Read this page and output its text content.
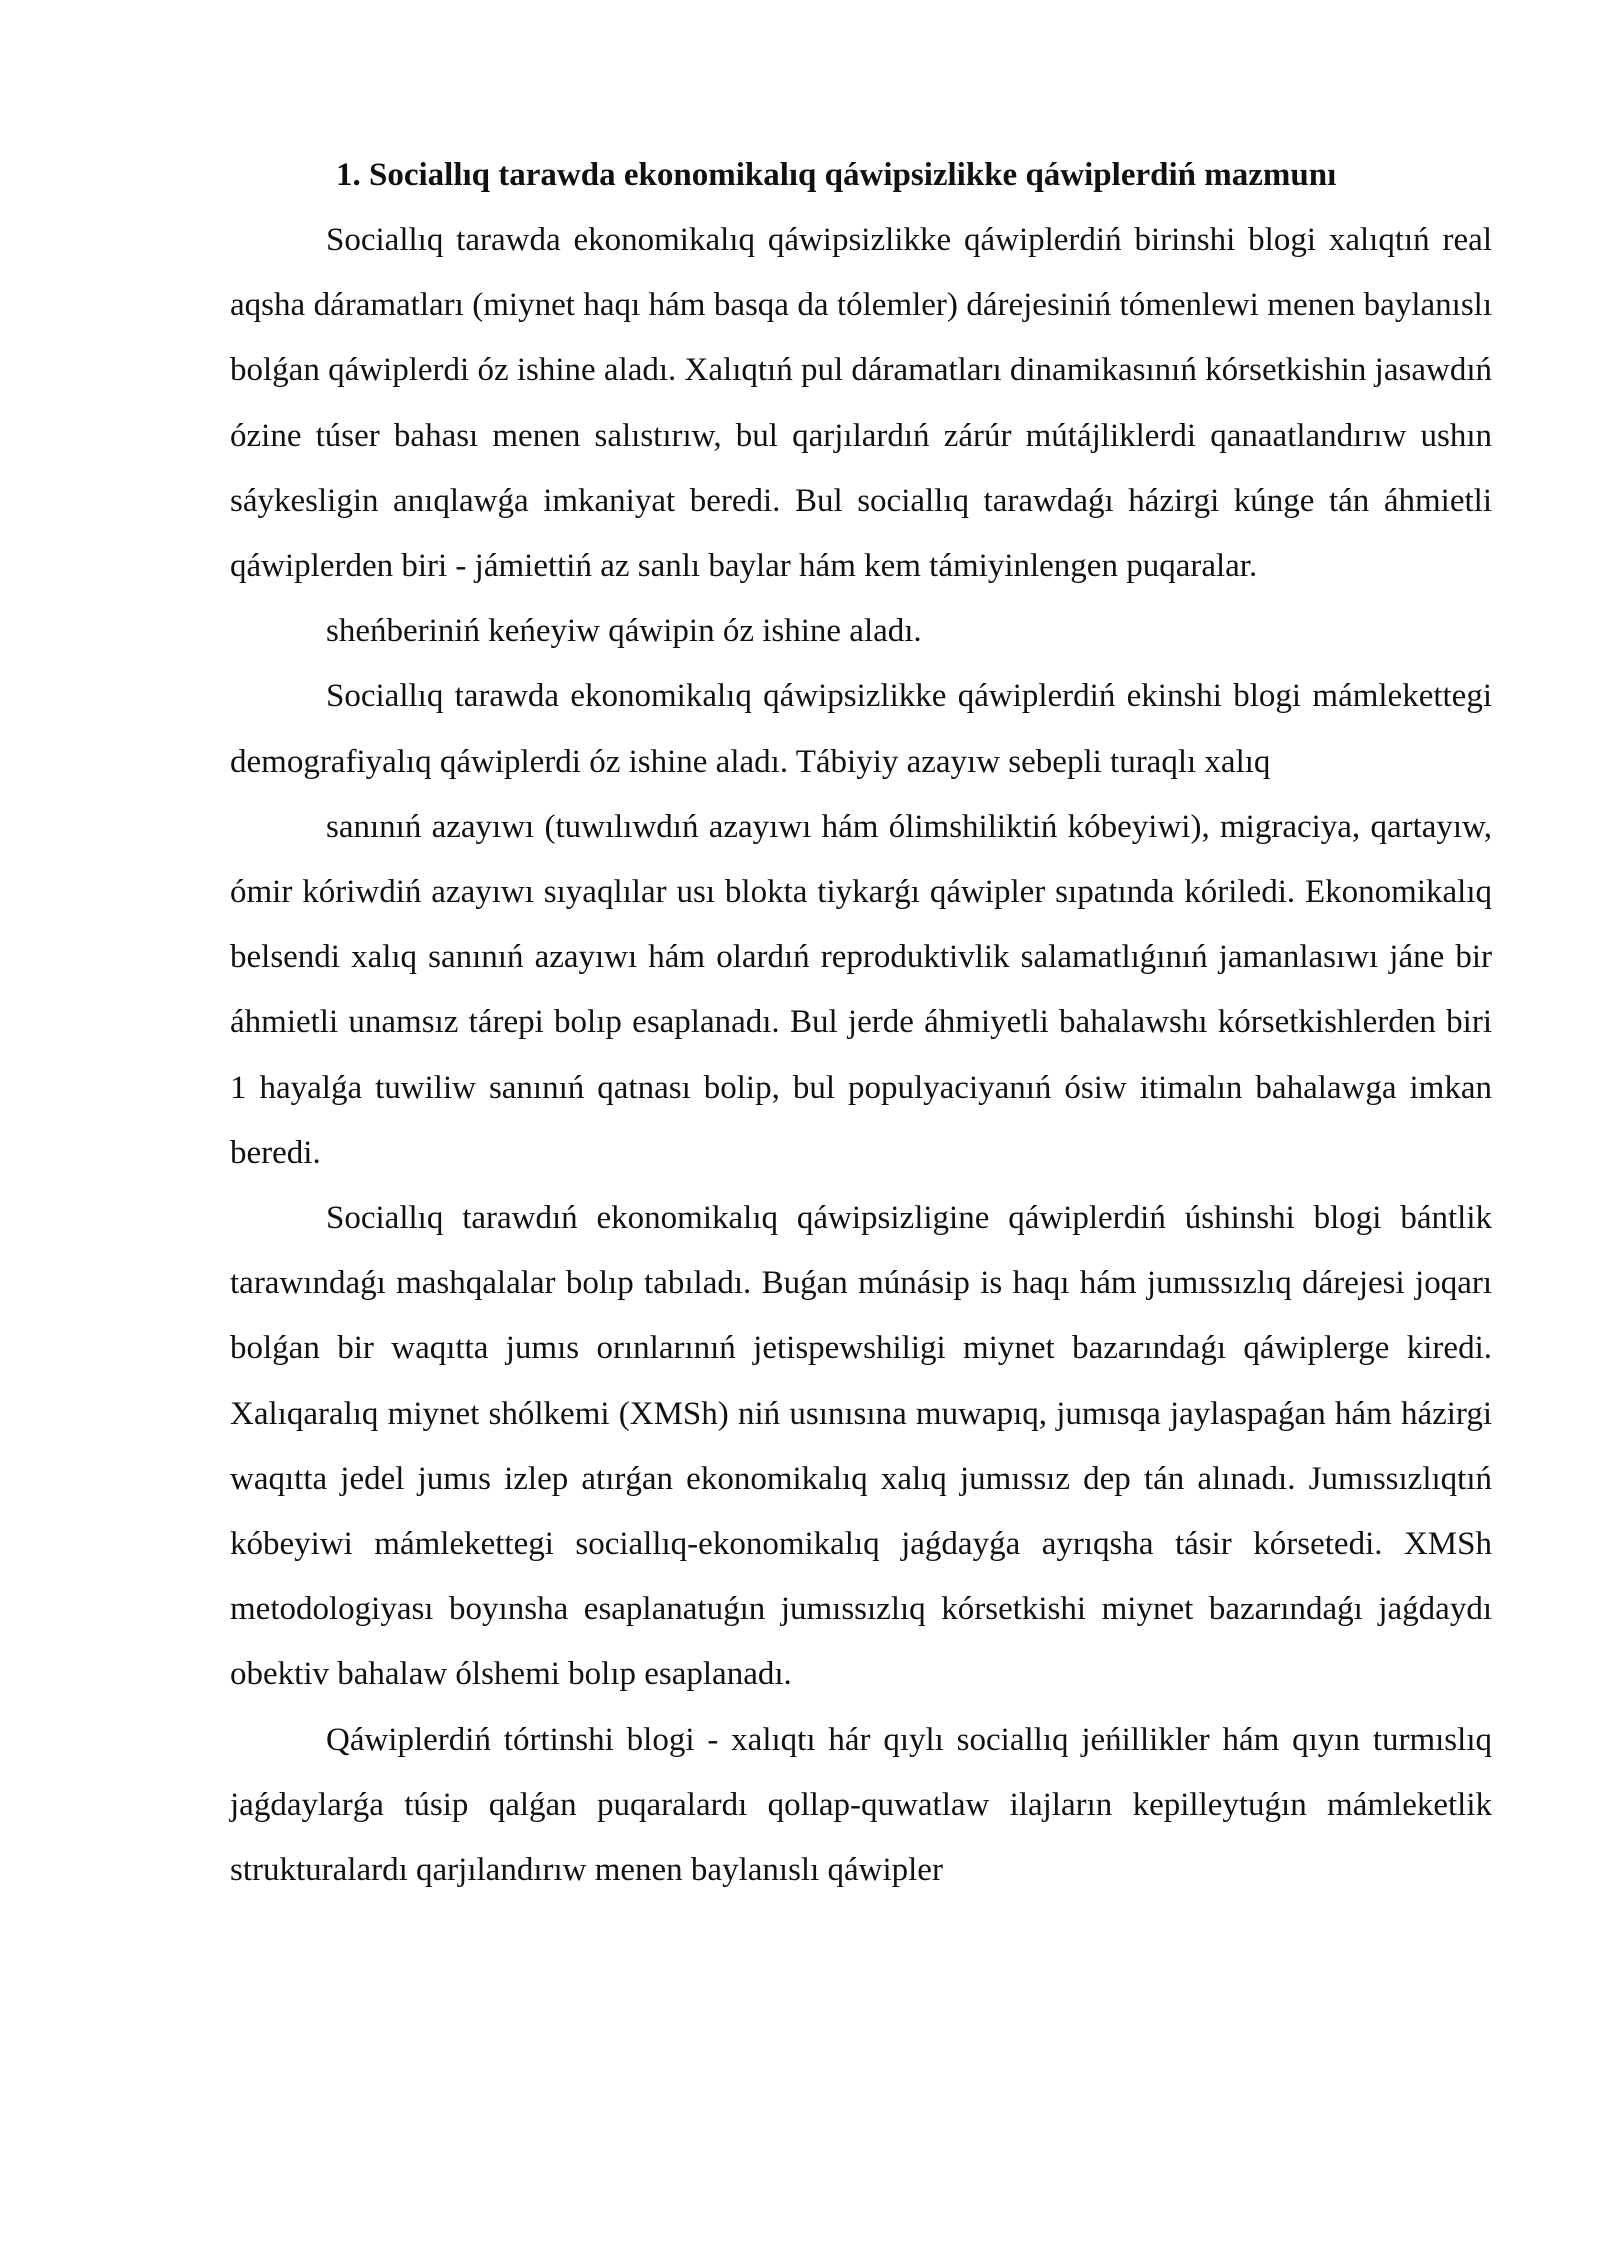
1. Sociallıq tarawda ekonomikalıq qáwipsizlikke qáwiplerdiń mazmunı

Sociallıq tarawda ekonomikalıq qáwipsizlikke qáwiplerdiń birinshi blogi xalıqtıń real aqsha dáramatları (miynet haqı hám basqa da tólemler) dárejesiniń tómenlewi menen baylanıslı bolǵan qáwiplerdi óz ishine aladı. Xalıqtıń pul dáramatları dinamikasınıń kórsetkishin jasawdıń ózine túser bahası menen salıstırıw, bul qarjılardıń zárúr mútájliklerdi qanaatlandırıw ushın sáykesligin anıqlawǵa imkaniyat beredi. Bul sociallıq tarawdaǵı házirgi kúnge tán áhmietli qáwiplerden biri - jámiettiń az sanlı baylar hám kem támiyinlengen puqaralar.

sheńberiniń keńeyiw qáwipin óz ishine aladı.

Sociallıq tarawda ekonomikalıq qáwipsizlikke qáwiplerdiń ekinshi blogi mámlekettegi demografiyalıq qáwiplerdi óz ishine aladı. Tábiyiy azayıw sebepli turaqlı xalıq

sanınıń azayıwı (tuwılıwdıń azayıwı hám ólimshiliktiń kóbeyiwi), migraciya, qartayıw, ómir kóriwdiń azayıwı sıyaqlılar usı blokta tiykarǵı qáwipler sıpatında kóriledi. Ekonomikalıq belsendi xalıq sanınıń azayıwı hám olardıń reproduktivlik salamatlıǵınıń jamanlasıwı jáne bir áhmietli unamsız tárepi bolıp esaplanadı. Bul jerde áhmiyetli bahalawshı kórsetkishlerden biri 1 hayalǵa tuwiliw sanınıń qatnası bolip, bul populyaciyanıń ósiw itimalın bahalawga imkan beredi.

Sociallıq tarawdıń ekonomikalıq qáwipsizligine qáwiplerdiń úshinshi blogi bántlik tarawındaǵı mashqalalar bolıp tabıladı. Buǵan múnásip is haqı hám jumıssızlıq dárejesi joqarı bolǵan bir waqıtta jumıs orınlarınıń jetispewshiligi miynet bazarındaǵı qáwiplerge kiredi. Xalıqaralıq miynet shólkemi (XMSh) niń usınısına muwapıq, jumısqa jaylaspaǵan hám házirgi waqıtta jedel jumıs izlep atırǵan ekonomikalıq xalıq jumıssız dep tán alınadı. Jumıssızlıqtıń kóbeyiwi mámlekettegi sociallıq-ekonomikalıq jaǵdayǵa ayrıqsha tásir kórsetedi. XMSh metodologiyası boyınsha esaplanatuǵın jumıssızlıq kórsetkishi miynet bazarındaǵı jaǵdaydı obektiv bahalaw ólshemi bolıp esaplanadı.

Qáwiplerdiń tórtinshi blogi - xalıqtı hár qıylı sociallıq jeńillikler hám qıyın turmıslıq jaǵdaylarǵa túsip qalǵan puqaralardı qollap-quwatlaw ilajların kepilleytuǵın mámleketlik strukturalardı qarjılandırıw menen baylanıslı qáwipler
